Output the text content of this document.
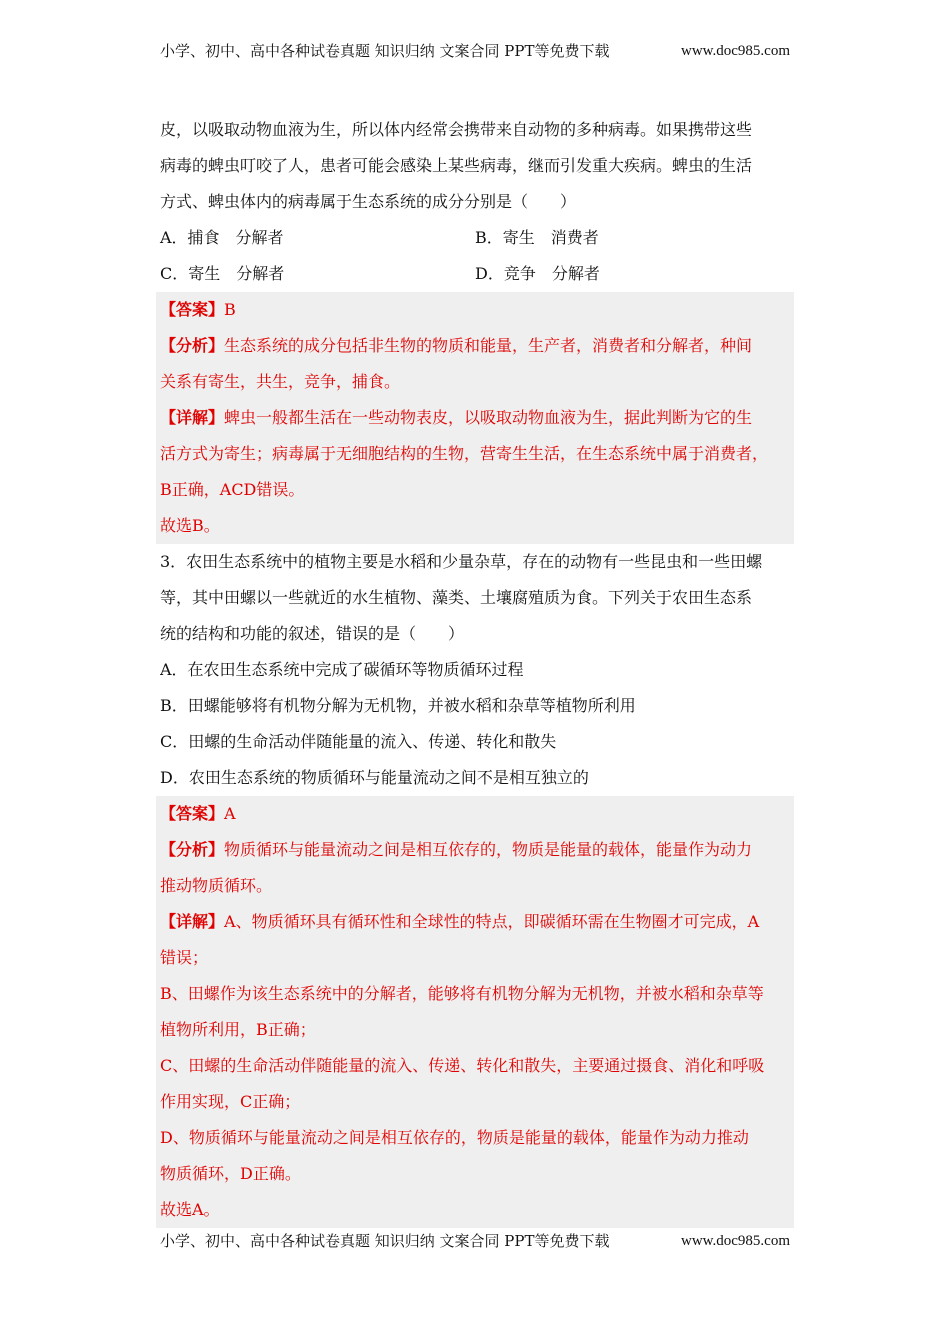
小学、初中、高中各种试卷真题 知识归纳 文案合同 PPT等免费下载	www.doc985.com
皮，以吸取动物血液为生，所以体内经常会携带来自动物的多种病毒。如果携带这些
病毒的蜱虫叮咬了人，患者可能会感染上某些病毒，继而引发重大疾病。蜱虫的生活
方式、蜱虫体内的病毒属于生态系统的成分分别是（　　）
A．捕食　分解者	B．寄生　消费者
C．寄生　分解者	D．竞争　分解者
【答案】B
【分析】生态系统的成分包括非生物的物质和能量，生产者，消费者和分解者，种间
关系有寄生，共生，竞争，捕食。
【详解】蜱虫一般都生活在一些动物表皮，以吸取动物血液为生，据此判断为它的生
活方式为寄生；病毒属于无细胞结构的生物，营寄生生活，在生态系统中属于消费者，
B正确，ACD错误。
故选B。
3．农田生态系统中的植物主要是水稻和少量杂草，存在的动物有一些昆虫和一些田螺
等，其中田螺以一些就近的水生植物、藻类、土壤腐殖质为食。下列关于农田生态系
统的结构和功能的叙述，错误的是（　　）
A．在农田生态系统中完成了碳循环等物质循环过程
B．田螺能够将有机物分解为无机物，并被水稻和杂草等植物所利用
C．田螺的生命活动伴随能量的流入、传递、转化和散失
D．农田生态系统的物质循环与能量流动之间不是相互独立的
【答案】A
【分析】物质循环与能量流动之间是相互依存的，物质是能量的载体，能量作为动力
推动物质循环。
【详解】A、物质循环具有循环性和全球性的特点，即碳循环需在生物圈才可完成，A
错误；
B、田螺作为该生态系统中的分解者，能够将有机物分解为无机物，并被水稻和杂草等
植物所利用，B正确；
C、田螺的生命活动伴随能量的流入、传递、转化和散失，主要通过摄食、消化和呼吸
作用实现，C正确；
D、物质循环与能量流动之间是相互依存的，物质是能量的载体，能量作为动力推动
物质循环，D正确。
故选A。
小学、初中、高中各种试卷真题 知识归纳 文案合同 PPT等免费下载	www.doc985.com
